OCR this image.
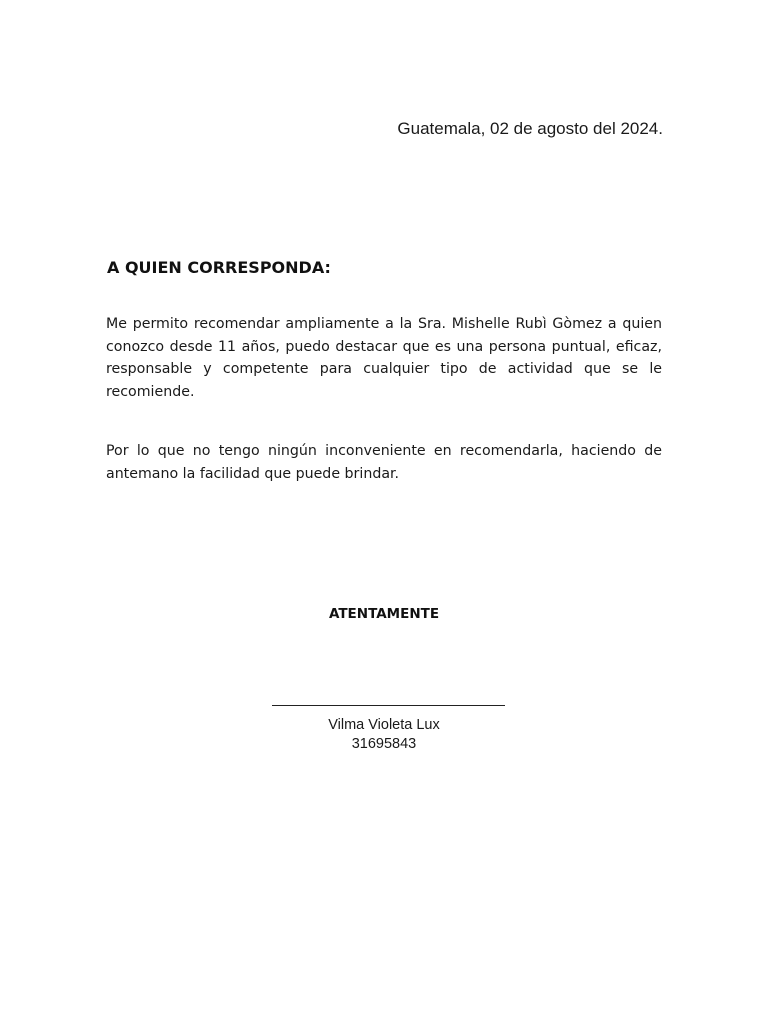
Guatemala, 02 de agosto del 2024.
A QUIEN CORRESPONDA:
Me permito recomendar ampliamente a la Sra. Mishelle Rubì Gòmez a quien conozco desde 11 años, puedo destacar que es una persona puntual, eficaz, responsable y competente para cualquier tipo de actividad que se le recomiende.
Por lo que no tengo ningún inconveniente en recomendarla, haciendo de antemano la facilidad que puede brindar.
ATENTAMENTE
Vilma Violeta Lux
31695843
